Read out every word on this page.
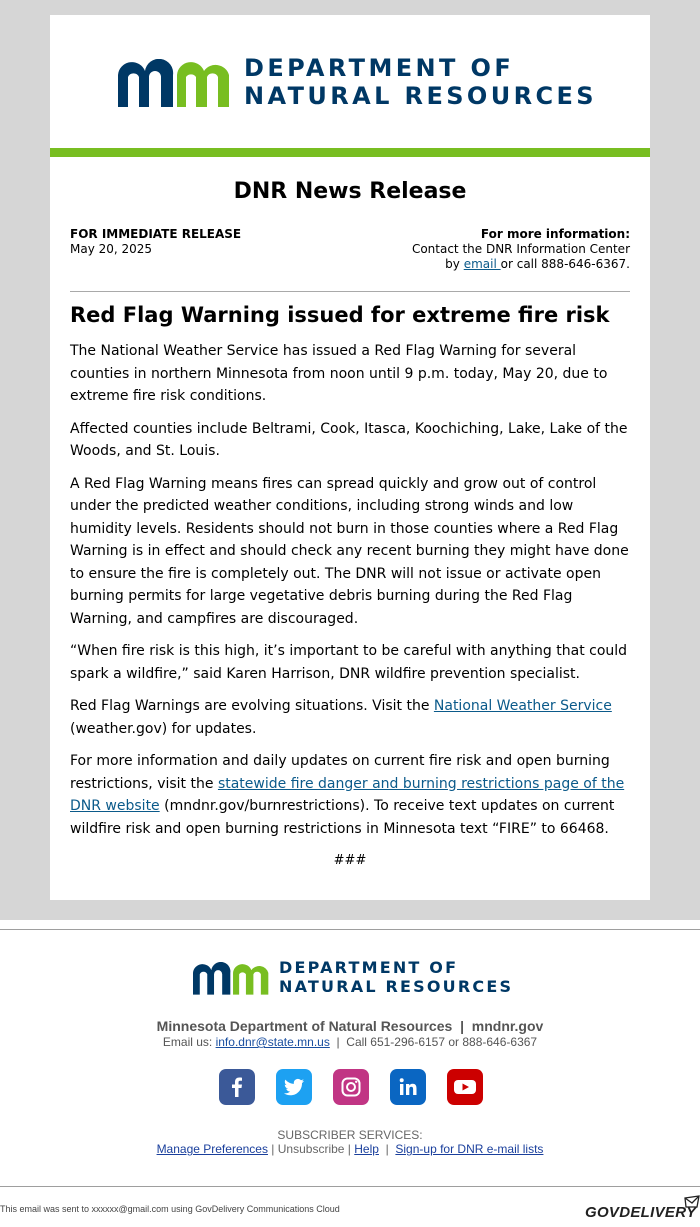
DEPARTMENT OF
NATURAL RESOURCES
DNR News Release
FOR IMMEDIATE RELEASE
May 20, 2025
For more information:
Contact the DNR Information Center
by email or call 888-646-6367.
Red Flag Warning issued for extreme fire risk

The National Weather Service has issued a Red Flag Warning for several counties in northern Minnesota from noon until 9 p.m. today, May 20, due to extreme fire risk conditions.

Affected counties include Beltrami, Cook, Itasca, Koochiching, Lake, Lake of the Woods, and St. Louis.

A Red Flag Warning means fires can spread quickly and grow out of control under the predicted weather conditions, including strong winds and low humidity levels. Residents should not burn in those counties where a Red Flag Warning is in effect and should check any recent burning they might have done to ensure the fire is completely out. The DNR will not issue or activate open burning permits for large vegetative debris burning during the Red Flag Warning, and campfires are discouraged.

“When fire risk is this high, it’s important to be careful with anything that could spark a wildfire,” said Karen Harrison, DNR wildfire prevention specialist.

Red Flag Warnings are evolving situations. Visit the National Weather Service (weather.gov) for updates.

For more information and daily updates on current fire risk and open burning restrictions, visit the statewide fire danger and burning restrictions page of the DNR website (mndnr.gov/burnrestrictions). To receive text updates on current wildfire risk and open burning restrictions in Minnesota text “FIRE” to 66468.

###
DEPARTMENT OF
NATURAL RESOURCES
Minnesota Department of Natural Resources  |  mndnr.gov
Email us: info.dnr@state.mn.us  |  Call 651-296-6157 or 888-646-6367
SUBSCRIBER SERVICES:
Manage Preferences | Unsubscribe | Help  |  Sign-up for DNR e-mail lists
This email was sent to xxxxxx@gmail.com using GovDelivery Communications Cloud	GOVDELIVERY
